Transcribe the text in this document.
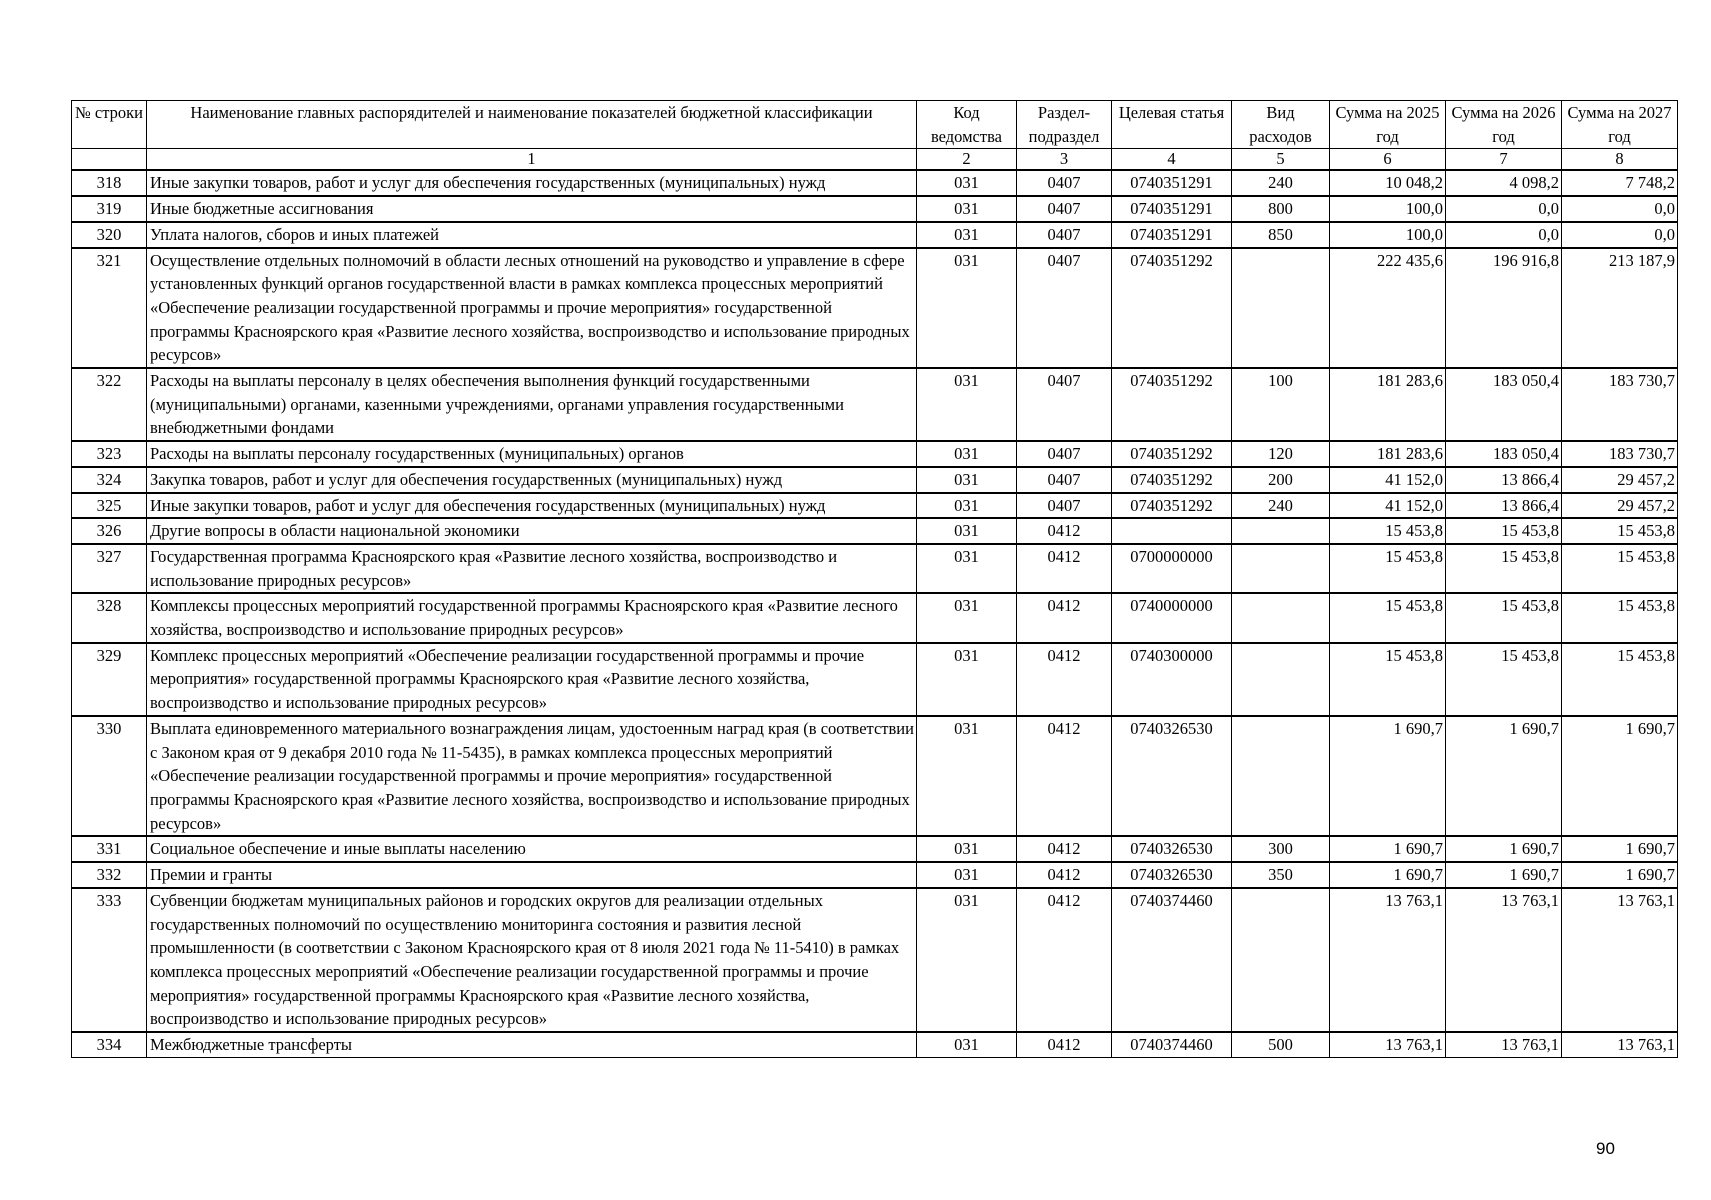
№ строки	Наименование главных распорядителей и наименование показателей бюджетной классификации	Код ведомства	Раздел-подраздел	Целевая статья	Вид расходов	Сумма на 2025 год	Сумма на 2026 год	Сумма на 2027 год
	1	2	3	4	5	6	7	8
318	Иные закупки товаров, работ и услуг для обеспечения государственных (муниципальных) нужд	031	0407	0740351291	240	10 048,2	4 098,2	7 748,2
319	Иные бюджетные ассигнования	031	0407	0740351291	800	100,0	0,0	0,0
320	Уплата налогов, сборов и иных платежей	031	0407	0740351291	850	100,0	0,0	0,0
321	Осуществление отдельных полномочий в области лесных отношений на руководство и управление в сфере установленных функций органов государственной власти в рамках комплекса процессных мероприятий «Обеспечение реализации государственной программы и прочие мероприятия» государственной программы Красноярского края «Развитие лесного хозяйства, воспроизводство и использование природных ресурсов»	031	0407	0740351292		222 435,6	196 916,8	213 187,9
322	Расходы на выплаты персоналу в целях обеспечения выполнения функций государственными (муниципальными) органами, казенными учреждениями, органами управления государственными внебюджетными фондами	031	0407	0740351292	100	181 283,6	183 050,4	183 730,7
323	Расходы на выплаты персоналу государственных (муниципальных) органов	031	0407	0740351292	120	181 283,6	183 050,4	183 730,7
324	Закупка товаров, работ и услуг для обеспечения государственных (муниципальных) нужд	031	0407	0740351292	200	41 152,0	13 866,4	29 457,2
325	Иные закупки товаров, работ и услуг для обеспечения государственных (муниципальных) нужд	031	0407	0740351292	240	41 152,0	13 866,4	29 457,2
326	Другие вопросы в области национальной экономики	031	0412			15 453,8	15 453,8	15 453,8
327	Государственная программа Красноярского края «Развитие лесного хозяйства, воспроизводство и использование природных ресурсов»	031	0412	0700000000		15 453,8	15 453,8	15 453,8
328	Комплексы процессных мероприятий государственной программы Красноярского края «Развитие лесного хозяйства, воспроизводство и использование природных ресурсов»	031	0412	0740000000		15 453,8	15 453,8	15 453,8
329	Комплекс процессных мероприятий «Обеспечение реализации государственной программы и прочие мероприятия» государственной программы Красноярского края «Развитие лесного хозяйства, воспроизводство и использование природных ресурсов»	031	0412	0740300000		15 453,8	15 453,8	15 453,8
330	Выплата единовременного материального вознаграждения лицам, удостоенным наград края (в соответствии с Законом края от 9 декабря 2010 года № 11-5435), в рамках комплекса процессных мероприятий «Обеспечение реализации государственной программы и прочие мероприятия» государственной программы Красноярского края «Развитие лесного хозяйства, воспроизводство и использование природных ресурсов»	031	0412	0740326530		1 690,7	1 690,7	1 690,7
331	Социальное обеспечение и иные выплаты населению	031	0412	0740326530	300	1 690,7	1 690,7	1 690,7
332	Премии и гранты	031	0412	0740326530	350	1 690,7	1 690,7	1 690,7
333	Субвенции бюджетам муниципальных районов и городских округов для реализации отдельных государственных полномочий по осуществлению мониторинга состояния и развития лесной промышленности (в соответствии с Законом Красноярского края от 8 июля 2021 года № 11-5410) в рамках комплекса процессных мероприятий «Обеспечение реализации государственной программы и прочие мероприятия» государственной программы Красноярского края «Развитие лесного хозяйства, воспроизводство и использование природных ресурсов»	031	0412	0740374460		13 763,1	13 763,1	13 763,1
334	Межбюджетные трансферты	031	0412	0740374460	500	13 763,1	13 763,1	13 763,1
90
